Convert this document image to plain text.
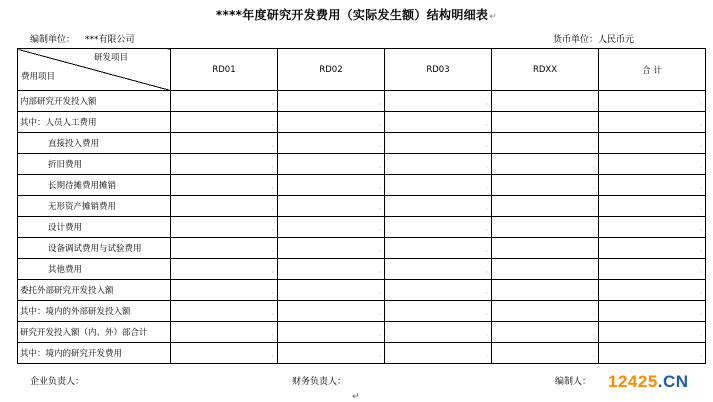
****年度研究开发费用（实际发生额）结构明细表↵
编制单位： ***有限公司	货币单位：人民币元
研发项目
费用项目	RD01	RD02	RD03	RDXX	合 计
内部研究开发投入额	·	·	·	·	·
其中：人员人工费用	·	·	·	·	·
直接投入费用	·	·	·	·	·
折旧费用	·	·	·	·	·
长期待摊费用摊销	·	·	·	·	·
无形资产摊销费用	·	·	·	·	·
设计费用	·	·	·	·	·
设备调试费用与试验费用	·	·	·	·	·
其他费用	·	·	·	·	·
委托外部研究开发投入额	·	·	·	·	·
其中：境内的外部研发投入额	·	·	·	·	·
研究开发投入额（内、外）部合计	·	·	·	·	·
其中：境内的研究开发费用	·	·	·	·	·
企业负责人：	财务负责人：	编制人：
↵
12425.CN
